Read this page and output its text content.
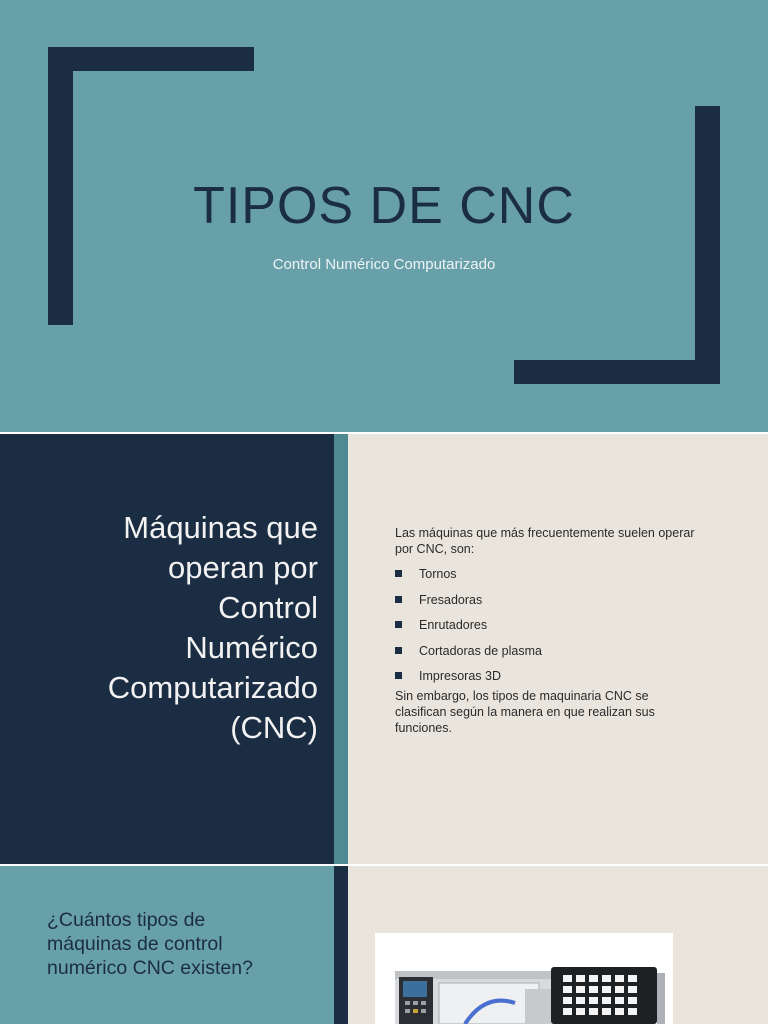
TIPOS DE CNC
Control Numérico Computarizado
Máquinas que
operan por
Control
Numérico
Computarizado
(CNC)

Las máquinas que más frecuentemente suelen operar por CNC, son:

Tornos
Fresadoras
Enrutadores
Cortadoras de plasma
Impresoras 3D

Sin embargo, los tipos de maquinaria CNC se clasifican según la manera en que realizan sus funciones.

¿Cuántos tipos de
máquinas de control
numérico CNC existen?
